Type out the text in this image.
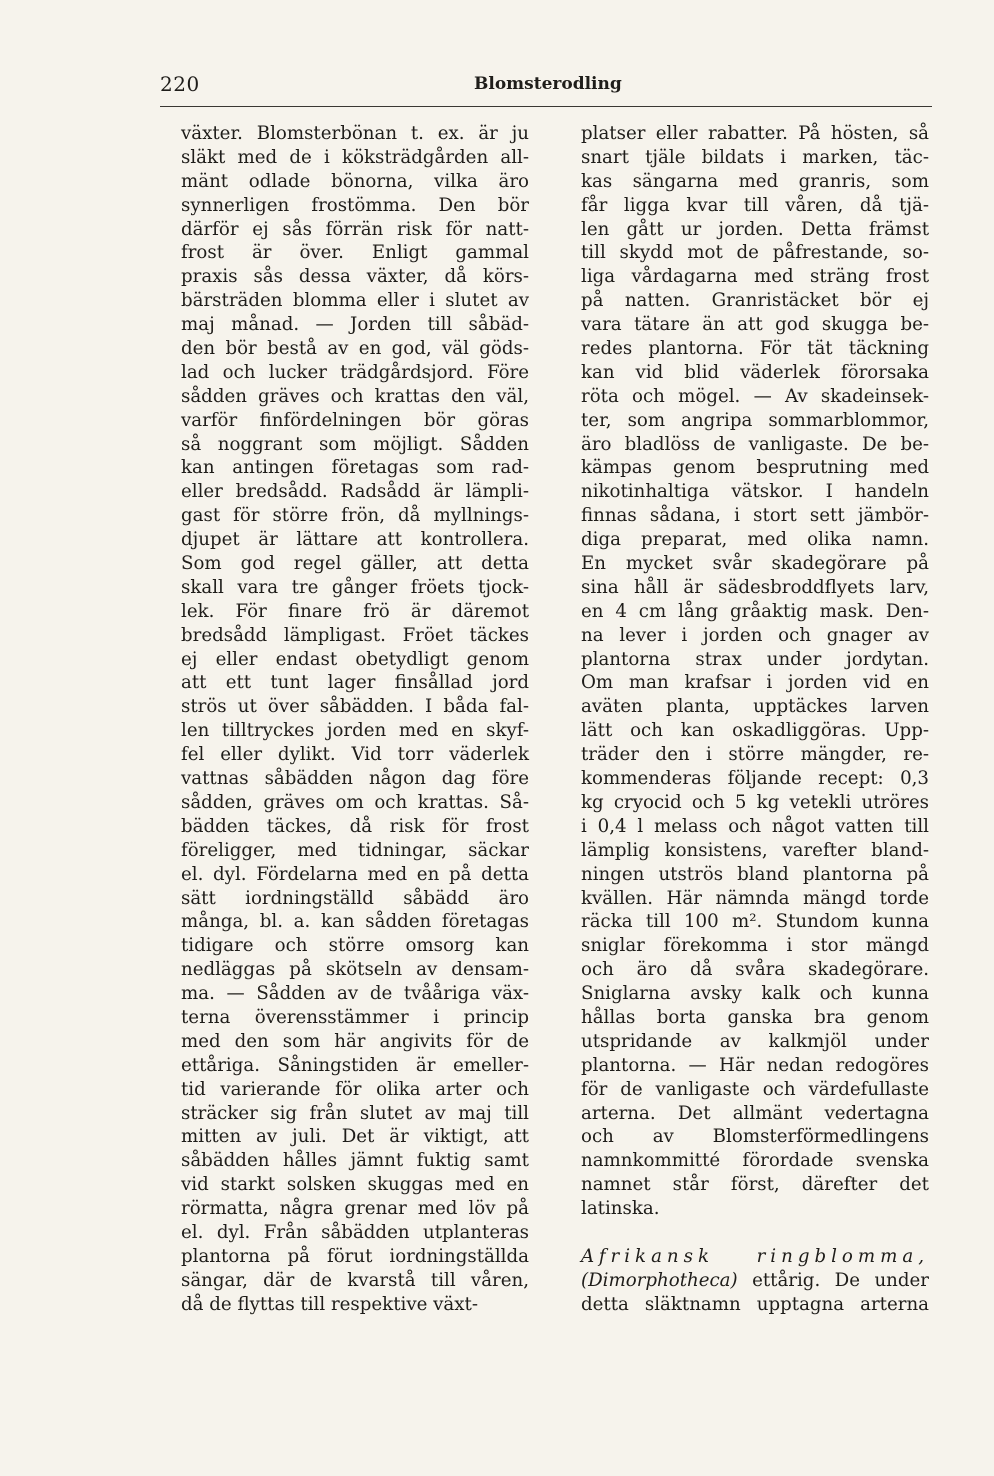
220	Blomsterodling
växter. Blomsterbönan t. ex. är ju
släkt med de i köksträdgården all-
mänt odlade bönorna, vilka äro
synnerligen frostömma. Den bör
därför ej sås förrän risk för natt-
frost är över. Enligt gammal
praxis sås dessa växter, då körs-
bärsträden blomma eller i slutet av
maj månad. — Jorden till såbäd-
den bör bestå av en god, väl göds-
lad och lucker trädgårdsjord. Före
sådden gräves och krattas den väl,
varför finfördelningen bör göras
så noggrant som möjligt. Sådden
kan antingen företagas som rad-
eller bredsådd. Radsådd är lämpli-
gast för större frön, då myllnings-
djupet är lättare att kontrollera.
Som god regel gäller, att detta
skall vara tre gånger fröets tjock-
lek. För finare frö är däremot
bredsådd lämpligast. Fröet täckes
ej eller endast obetydligt genom
att ett tunt lager finsållad jord
strös ut över såbädden. I båda fal-
len tilltryckes jorden med en skyf-
fel eller dylikt. Vid torr väderlek
vattnas såbädden någon dag före
sådden, gräves om och krattas. Så-
bädden täckes, då risk för frost
föreligger, med tidningar, säckar
el. dyl. Fördelarna med en på detta
sätt iordningställd såbädd äro
många, bl. a. kan sådden företagas
tidigare och större omsorg kan
nedläggas på skötseln av densam-
ma. — Sådden av de tvååriga väx-
terna överensstämmer i princip
med den som här angivits för de
ettåriga. Såningstiden är emeller-
tid varierande för olika arter och
sträcker sig från slutet av maj till
mitten av juli. Det är viktigt, att
såbädden hålles jämnt fuktig samt
vid starkt solsken skuggas med en
rörmatta, några grenar med löv på
el. dyl. Från såbädden utplanteras
plantorna på förut iordningställda
sängar, där de kvarstå till våren,
då de flyttas till respektive växt-
platser eller rabatter. På hösten, så
snart tjäle bildats i marken, täc-
kas sängarna med granris, som
får ligga kvar till våren, då tjä-
len gått ur jorden. Detta främst
till skydd mot de påfrestande, so-
liga vårdagarna med sträng frost
på natten. Granristäcket bör ej
vara tätare än att god skugga be-
redes plantorna. För tät täckning
kan vid blid väderlek förorsaka
röta och mögel. — Av skadeinsek-
ter, som angripa sommarblommor,
äro bladlöss de vanligaste. De be-
kämpas genom besprutning med
nikotinhaltiga vätskor. I handeln
finnas sådana, i stort sett jämbör-
diga preparat, med olika namn.
En mycket svår skadegörare på
sina håll är sädesbroddflyets larv,
en 4 cm lång gråaktig mask. Den-
na lever i jorden och gnager av
plantorna strax under jordytan.
Om man krafsar i jorden vid en
aväten planta, upptäckes larven
lätt och kan oskadliggöras. Upp-
träder den i större mängder, re-
kommenderas följande recept: 0,3
kg cryocid och 5 kg vetekli utröres
i 0,4 l melass och något vatten till
lämplig konsistens, varefter bland-
ningen utströs bland plantorna på
kvällen. Här nämnda mängd torde
räcka till 100 m². Stundom kunna
sniglar förekomma i stor mängd
och äro då svåra skadegörare.
Sniglarna avsky kalk och kunna
hållas borta ganska bra genom
utspridande av kalkmjöl under
plantorna. — Här nedan redogöres
för de vanligaste och värdefullaste
arterna. Det allmänt vedertagna
och av Blomsterförmedlingens
namnkommitté förordade svenska
namnet står först, därefter det
latinska.
Afrikansk ringblomma,
(Dimorphotheca) ettårig. De under
detta släktnamn upptagna arterna
